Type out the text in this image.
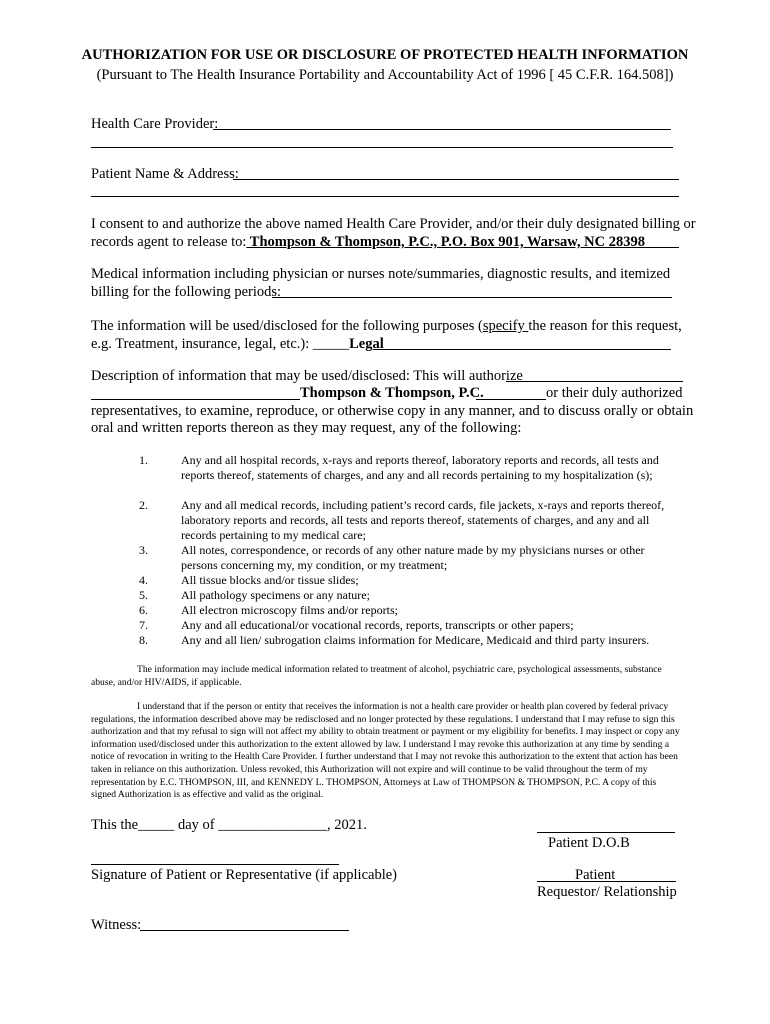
AUTHORIZATION FOR USE OR DISCLOSURE OF PROTECTED HEALTH INFORMATION
(Pursuant to The Health Insurance Portability and Accountability Act of 1996 [ 45 C.F.R. 164.508])
Health Care Provider:
Patient Name & Address:
I consent to and authorize the above named Health Care Provider, and/or their duly designated billing or
records agent to release to: Thompson & Thompson, P.C., P.O. Box 901, Warsaw, NC 28398
Medical information including physician or nurses note/summaries, diagnostic results, and itemized
billing for the following periods:
The information will be used/disclosed for the following purposes (specify the reason for this request,
e.g. Treatment, insurance, legal, etc.): _____Legal
Description of information that may be used/disclosed: This will authorize
Thompson & Thompson, P.C.	or their duly authorized
representatives, to examine, reproduce, or otherwise copy in any manner, and to discuss orally or obtain
oral and written reports thereon as they may request, any of the following:
1.	Any and all hospital records, x-rays and reports thereof, laboratory reports and records, all tests and reports thereof, statements of charges, and any and all records pertaining to my hospitalization (s);
2.	Any and all medical records, including patient’s record cards, file jackets, x-rays and reports thereof, laboratory reports and records, all tests and reports thereof, statements of charges, and any and all records pertaining to my medical care;
3.	All notes, correspondence, or records of any other nature made by my physicians nurses or other persons concerning my, my condition, or my treatment;
4.	All tissue blocks and/or tissue slides;
5.	All pathology specimens or any nature;
6.	All electron microscopy films and/or reports;
7.	Any and all educational/or vocational records, reports, transcripts or other papers;
8.	Any and all lien/ subrogation claims information for Medicare, Medicaid and third party insurers.
The information may include medical information related to treatment of alcohol, psychiatric care, psychological assessments, substance abuse, and/or HIV/AIDS, if applicable.
I understand that if the person or entity that receives the information is not a health care provider or health plan covered by federal privacy regulations, the information described above may be redisclosed and no longer protected by these regulations. I understand that I may refuse to sign this authorization and that my refusal to sign will not affect my ability to obtain treatment or payment or my eligibility for benefits. I may inspect or copy any information used/disclosed under this authorization to the extent allowed by law. I understand I may revoke this authorization at any time by sending a notice of revocation in writing to the Health Care Provider. I further understand that I may not revoke this authorization to the extent that action has been taken in reliance on this authorization. Unless revoked, this Authorization will not expire and will continue to be valid throughout the term of my representation by E.C. THOMPSON, III, and KENNEDY L. THOMPSON, Attorneys at Law of THOMPSON & THOMPSON, P.C. A copy of this signed Authorization is as effective and valid as the original.
This the_____ day of _______________, 2021.
Patient D.O.B
Signature of Patient or Representative (if applicable)	Patient
Requestor/ Relationship
Witness:
